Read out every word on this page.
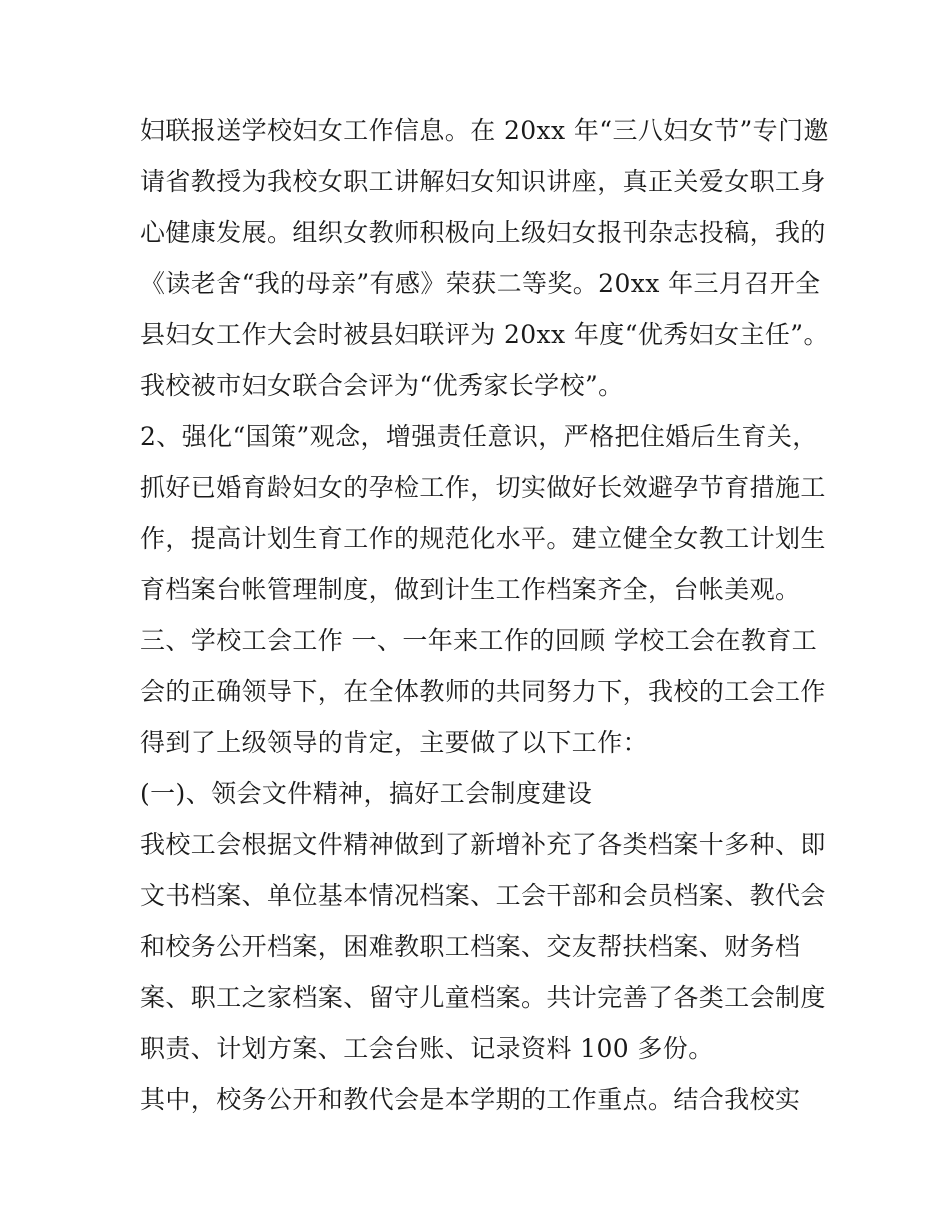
妇联报送学校妇女工作信息。在 20xx 年“三八妇女节”专门邀
请省教授为我校女职工讲解妇女知识讲座，真正关爱女职工身
心健康发展。组织女教师积极向上级妇女报刊杂志投稿，我的
《读老舍“我的母亲”有感》荣获二等奖。20xx 年三月召开全
县妇女工作大会时被县妇联评为 20xx 年度“优秀妇女主任”。
我校被市妇女联合会评为“优秀家长学校”。
2、强化“国策”观念，增强责任意识，严格把住婚后生育关，
抓好已婚育龄妇女的孕检工作，切实做好长效避孕节育措施工
作，提高计划生育工作的规范化水平。建立健全女教工计划生
育档案台帐管理制度，做到计生工作档案齐全，台帐美观。
三、学校工会工作 一、一年来工作的回顾 学校工会在教育工
会的正确领导下，在全体教师的共同努力下，我校的工会工作
得到了上级领导的肯定，主要做了以下工作：
(一)、领会文件精神，搞好工会制度建设
我校工会根据文件精神做到了新增补充了各类档案十多种、即
文书档案、单位基本情况档案、工会干部和会员档案、教代会
和校务公开档案，困难教职工档案、交友帮扶档案、财务档
案、职工之家档案、留守儿童档案。共计完善了各类工会制度
职责、计划方案、工会台账、记录资料 100 多份。
其中，校务公开和教代会是本学期的工作重点。结合我校实
